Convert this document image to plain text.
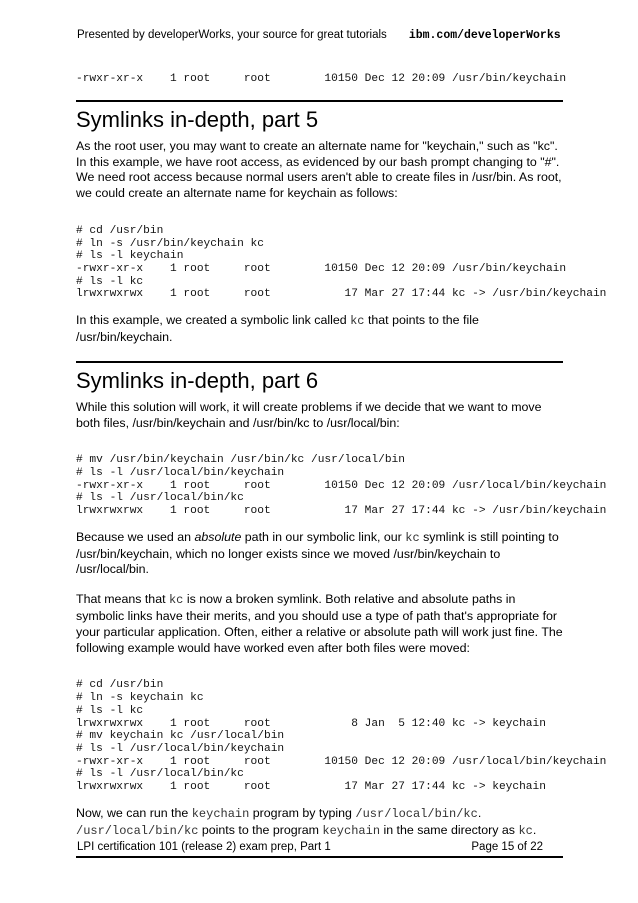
Presented by developerWorks, your source for great tutorials ibm.com/developerWorks
-rwxr-xr-x    1 root     root        10150 Dec 12 20:09 /usr/bin/keychain
Symlinks in-depth, part 5

As the root user, you may want to create an alternate name for "keychain," such as "kc". In this example, we have root access, as evidenced by our bash prompt changing to "#". We need root access because normal users aren't able to create files in /usr/bin. As root, we could create an alternate name for keychain as follows:

# cd /usr/bin
# ln -s /usr/bin/keychain kc
# ls -l keychain
-rwxr-xr-x    1 root     root        10150 Dec 12 20:09 /usr/bin/keychain
# ls -l kc
lrwxrwxrwx    1 root     root           17 Mar 27 17:44 kc -> /usr/bin/keychain

In this example, we created a symbolic link called kc that points to the file /usr/bin/keychain.

Symlinks in-depth, part 6

While this solution will work, it will create problems if we decide that we want to move both files, /usr/bin/keychain and /usr/bin/kc to /usr/local/bin:

# mv /usr/bin/keychain /usr/bin/kc /usr/local/bin
# ls -l /usr/local/bin/keychain
-rwxr-xr-x    1 root     root        10150 Dec 12 20:09 /usr/local/bin/keychain
# ls -l /usr/local/bin/kc
lrwxrwxrwx    1 root     root           17 Mar 27 17:44 kc -> /usr/bin/keychain

Because we used an absolute path in our symbolic link, our kc symlink is still pointing to /usr/bin/keychain, which no longer exists since we moved /usr/bin/keychain to /usr/local/bin.

That means that kc is now a broken symlink. Both relative and absolute paths in symbolic links have their merits, and you should use a type of path that's appropriate for your particular application. Often, either a relative or absolute path will work just fine. The following example would have worked even after both files were moved:

# cd /usr/bin
# ln -s keychain kc
# ls -l kc
lrwxrwxrwx    1 root     root            8 Jan  5 12:40 kc -> keychain
# mv keychain kc /usr/local/bin
# ls -l /usr/local/bin/keychain
-rwxr-xr-x    1 root     root        10150 Dec 12 20:09 /usr/local/bin/keychain
# ls -l /usr/local/bin/kc
lrwxrwxrwx    1 root     root           17 Mar 27 17:44 kc -> keychain

Now, we can run the keychain program by typing /usr/local/bin/kc.
/usr/local/bin/kc points to the program keychain in the same directory as kc.

LPI certification 101 (release 2) exam prep, Part 1	Page 15 of 22
